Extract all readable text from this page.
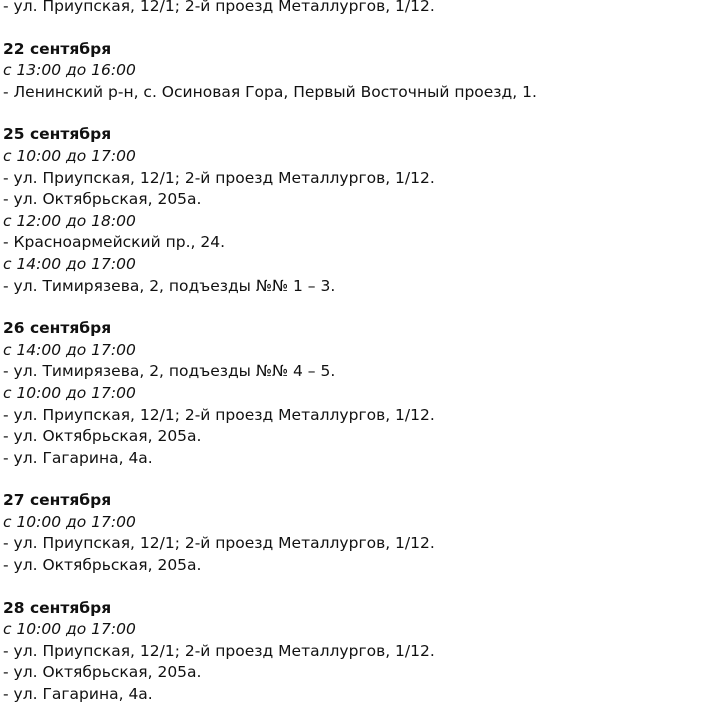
- ул. Приупская, 12/1; 2-й проезд Металлургов, 1/12.
22 сентября
с 13:00 до 16:00
- Ленинский р-н, с. Осиновая Гора, Первый Восточный проезд, 1.
25 сентября
с 10:00 до 17:00
- ул. Приупская, 12/1; 2-й проезд Металлургов, 1/12.
- ул. Октябрьская, 205а.
с 12:00 до 18:00
- Красноармейский пр., 24.
с 14:00 до 17:00
- ул. Тимирязева, 2, подъезды №№ 1 – 3.
26 сентября
с 14:00 до 17:00
- ул. Тимирязева, 2, подъезды №№ 4 – 5.
с 10:00 до 17:00
- ул. Приупская, 12/1; 2-й проезд Металлургов, 1/12.
- ул. Октябрьская, 205а.
- ул. Гагарина, 4а.
27 сентября
с 10:00 до 17:00
- ул. Приупская, 12/1; 2-й проезд Металлургов, 1/12.
- ул. Октябрьская, 205а.
28 сентября
с 10:00 до 17:00
- ул. Приупская, 12/1; 2-й проезд Металлургов, 1/12.
- ул. Октябрьская, 205а.
- ул. Гагарина, 4а.
